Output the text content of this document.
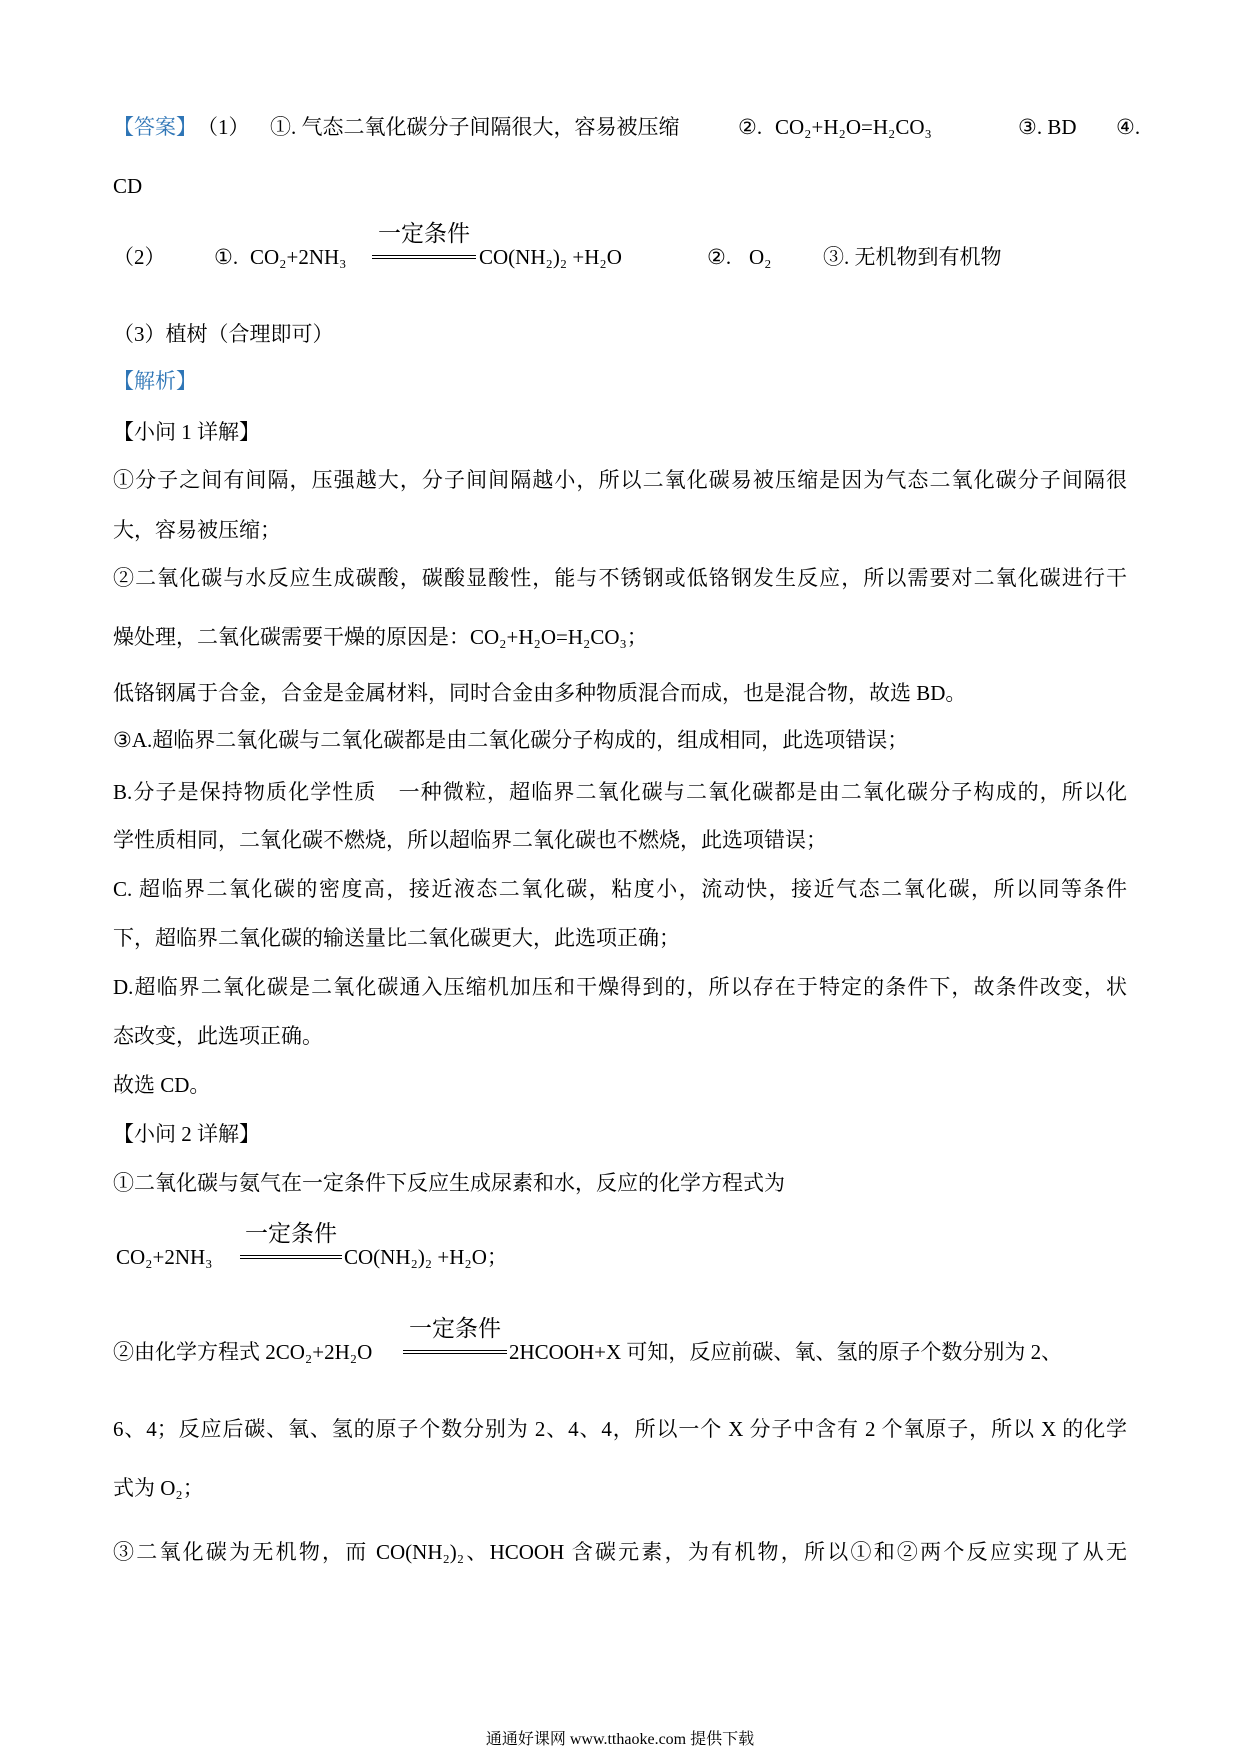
【答案】 （1） ①. 气态二氧化碳分子间隔很大，容易被压缩	②. CO₂+H₂O=H₂CO₃	③. BD ④.
CD
（2） ①. CO₂+2NH₃
一定条件
CO(NH₂)₂ +H₂O	②. O₂ ③. 无机物到有机物
（3）植树（合理即可）
【解析】
【小问 1 详解】
①分子之间有间隔，压强越大，分子间间隔越小，所以二氧化碳易被压缩是因为气态二氧化碳分子间隔很
大，容易被压缩；
②二氧化碳与水反应生成碳酸，碳酸显酸性，能与不锈钢或低铬钢发生反应，所以需要对二氧化碳进行干
燥处理，二氧化碳需要干燥的原因是：CO₂+H₂O=H₂CO₃；
低铬钢属于合金，合金是金属材料，同时合金由多种物质混合而成，也是混合物，故选 BD。
③A.超临界二氧化碳与二氧化碳都是由二氧化碳分子构成的，组成相同，此选项错误；
B.分子是保持物质化学性质　一种微粒，超临界二氧化碳与二氧化碳都是由二氧化碳分子构成的，所以化
学性质相同，二氧化碳不燃烧，所以超临界二氧化碳也不燃烧，此选项错误；
C. 超临界二氧化碳的密度高，接近液态二氧化碳，粘度小，流动快，接近气态二氧化碳，所以同等条件
下，超临界二氧化碳的输送量比二氧化碳更大，此选项正确；
D.超临界二氧化碳是二氧化碳通入压缩机加压和干燥得到的，所以存在于特定的条件下，故条件改变，状
态改变，此选项正确。
故选 CD。
【小问 2 详解】
①二氧化碳与氨气在一定条件下反应生成尿素和水，反应的化学方程式为
CO₂+2NH₃
一定条件
CO(NH₂)₂ +H₂O；
②由化学方程式 2CO₂+2H₂O
一定条件
2HCOOH+X 可知，反应前碳、氧、氢的原子个数分别为 2、
6、4；反应后碳、氧、氢的原子个数分别为 2、4、4，所以一个 X 分子中含有 2 个氧原子，所以 X 的化学
式为 O₂；
③二氧化碳为无机物，而 CO(NH₂)₂、HCOOH 含碳元素，为有机物，所以①和②两个反应实现了从无
通通好课网 www.tthaoke.com 提供下载
